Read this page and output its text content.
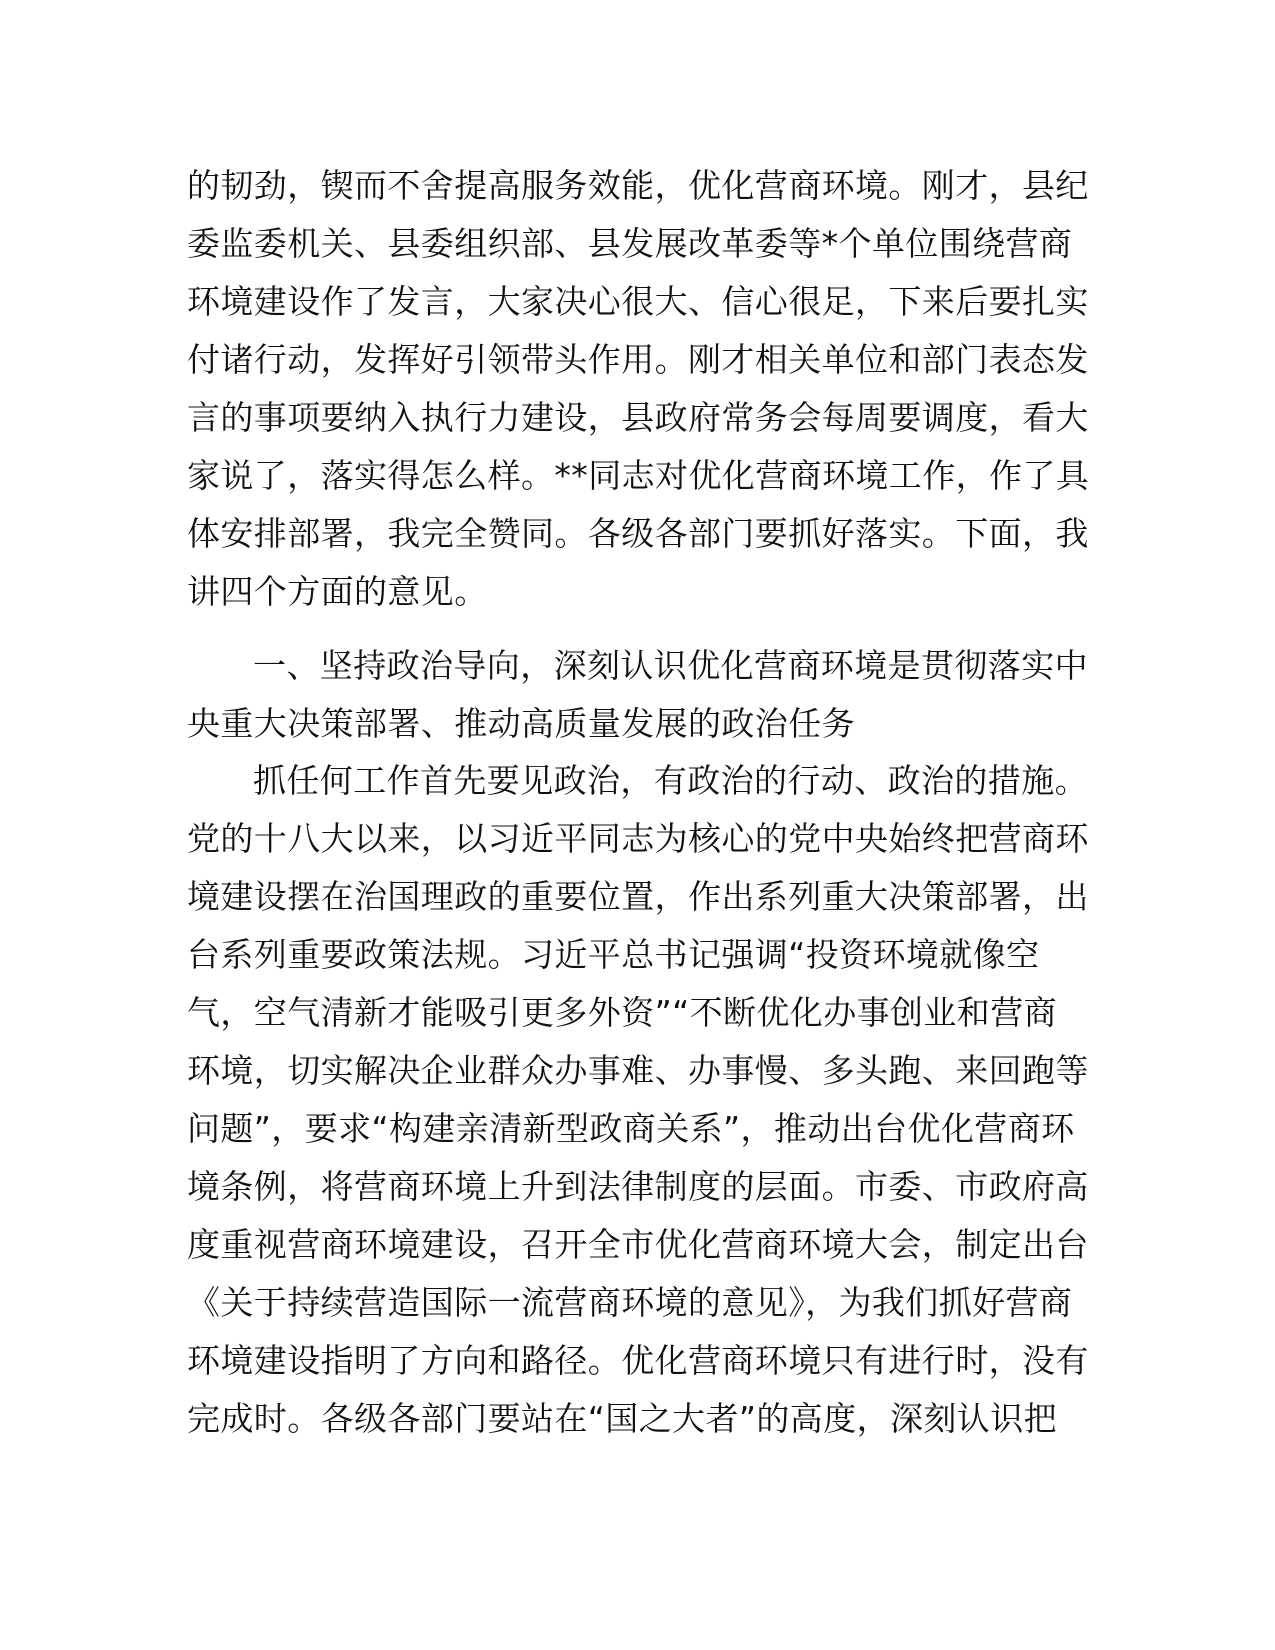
的韧劲，锲而不舍提高服务效能，优化营商环境。刚才，县纪
委监委机关、县委组织部、县发展改革委等*个单位围绕营商
环境建设作了发言，大家决心很大、信心很足，下来后要扎实
付诸行动，发挥好引领带头作用。刚才相关单位和部门表态发
言的事项要纳入执行力建设，县政府常务会每周要调度，看大
家说了，落实得怎么样。**同志对优化营商环境工作，作了具
体安排部署，我完全赞同。各级各部门要抓好落实。下面，我
讲四个方面的意见。
一、坚持政治导向，深刻认识优化营商环境是贯彻落实中
央重大决策部署、推动高质量发展的政治任务
抓任何工作首先要见政治，有政治的行动、政治的措施。
党的十八大以来，以习近平同志为核心的党中央始终把营商环
境建设摆在治国理政的重要位置，作出系列重大决策部署，出
台系列重要政策法规。习近平总书记强调“投资环境就像空
气，空气清新才能吸引更多外资”“不断优化办事创业和营商
环境，切实解决企业群众办事难、办事慢、多头跑、来回跑等
问题”，要求“构建亲清新型政商关系”，推动出台优化营商环
境条例，将营商环境上升到法律制度的层面。市委、市政府高
度重视营商环境建设，召开全市优化营商环境大会，制定出台
《关于持续营造国际一流营商环境的意见》，为我们抓好营商
环境建设指明了方向和路径。优化营商环境只有进行时，没有
完成时。各级各部门要站在“国之大者”的高度，深刻认识把
